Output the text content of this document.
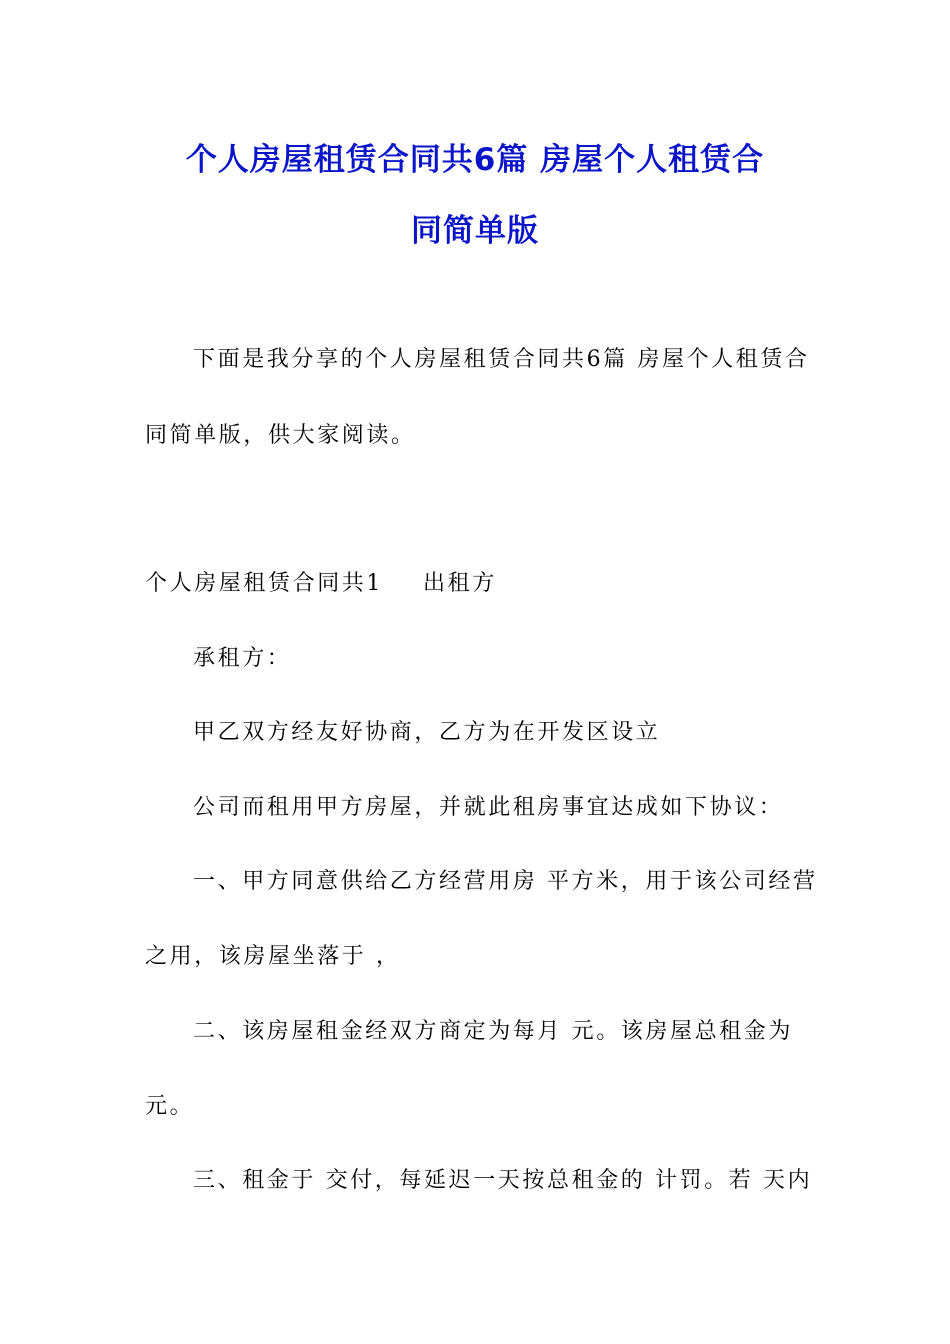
个人房屋租赁合同共6篇 房屋个人租赁合
同简单版
下面是我分享的个人房屋租赁合同共6篇 房屋个人租赁合
同简单版，供大家阅读。
个人房屋租赁合同共1 出租方
承租方：
甲乙双方经友好协商，乙方为在开发区设立
公司而租用甲方房屋，并就此租房事宜达成如下协议：
一、甲方同意供给乙方经营用房 平方米，用于该公司经营
之用，该房屋坐落于 ，
二、该房屋租金经双方商定为每月 元。该房屋总租金为
元。
三、租金于 交付，每延迟一天按总租金的 计罚。若 天内
